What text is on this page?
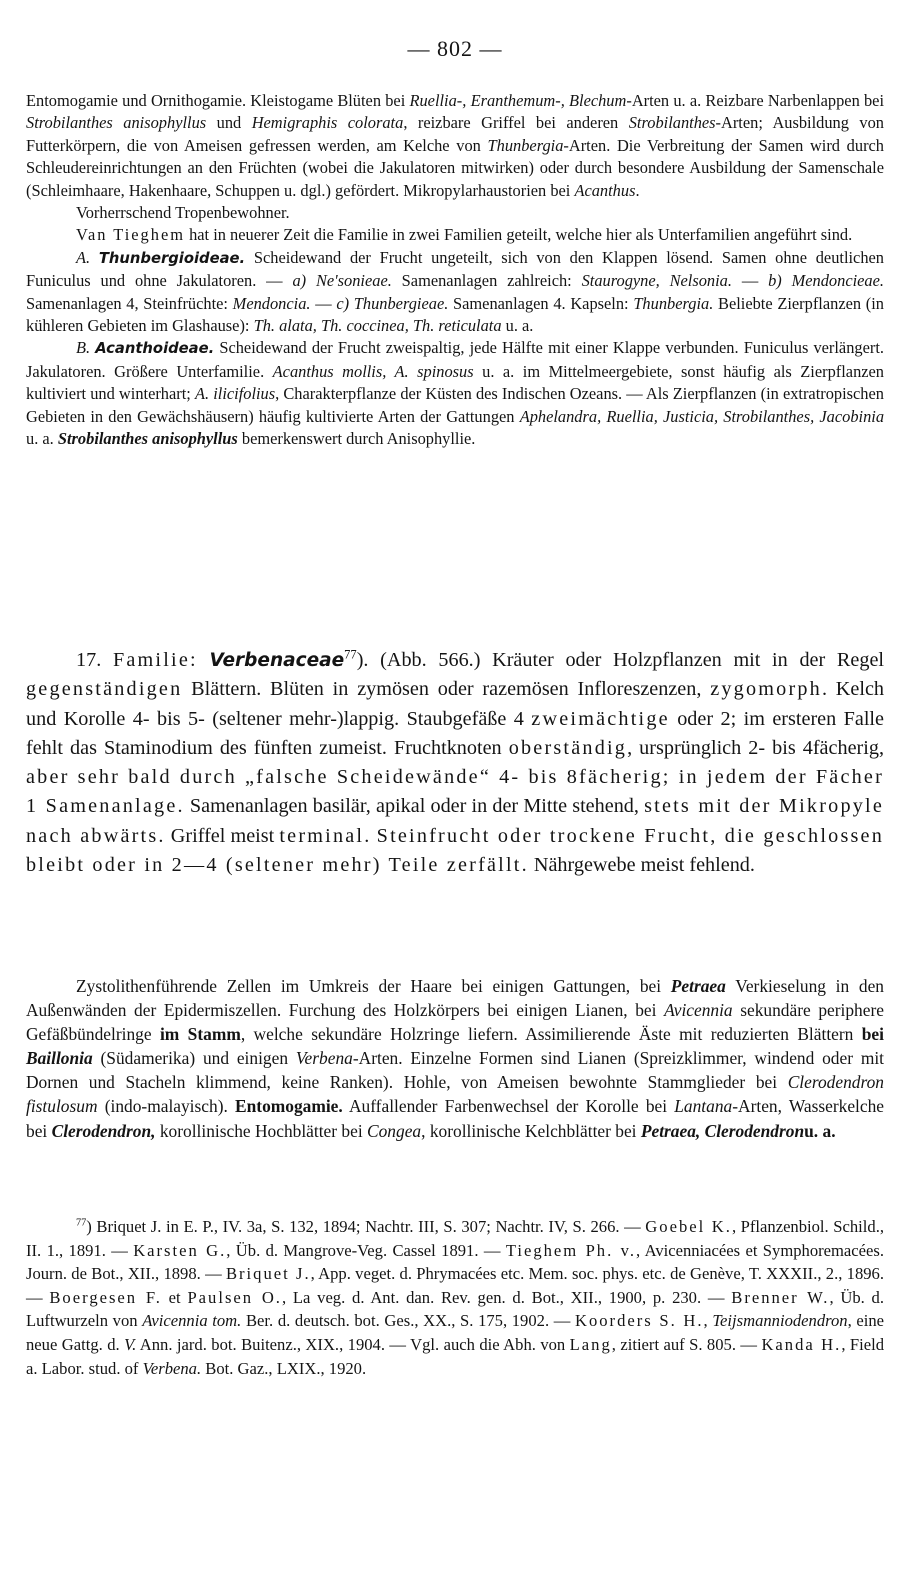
— 802 —

Entomogamie und Ornithogamie. Kleistogame Blüten bei Ruellia-, Eranthemum-, Blechum-Arten u. a. Reizbare Narbenlappen bei Strobilanthes anisophyllus und Hemigraphis colorata, reizbare Griffel bei anderen Strobilanthes-Arten; Ausbildung von Futterkörpern, die von Ameisen gefressen werden, am Kelche von Thunbergia-Arten. Die Verbreitung der Samen wird durch Schleudereinrichtungen an den Früchten (wobei die Jakulatoren mitwirken) oder durch besondere Ausbildung der Samenschale (Schleimhaare, Hakenhaare, Schuppen u. dgl.) gefördert. Mikropylarhaustorien bei Acanthus.

Vorherrschend Tropenbewohner.

Van Tieghem hat in neuerer Zeit die Familie in zwei Familien geteilt, welche hier als Unterfamilien angeführt sind.

A. Thunbergioideae. Scheidewand der Frucht ungeteilt, sich von den Klappen lösend. Samen ohne deutlichen Funiculus und ohne Jakulatoren. — a) Ne'sonieae. Samenanlagen zahlreich: Staurogyne, Nelsonia. — b) Mendoncieae. Samenanlagen 4, Steinfrüchte: Mendoncia. — c) Thunbergieae. Samenanlagen 4. Kapseln: Thunbergia. Beliebte Zierpflanzen (in kühleren Gebieten im Glashause): Th. alata, Th. coccinea, Th. reticulata u. a.

B. Acanthoideae. Scheidewand der Frucht zweispaltig, jede Hälfte mit einer Klappe verbunden. Funiculus verlängert. Jakulatoren. Größere Unterfamilie. Acanthus mollis, A. spinosus u. a. im Mittelmeergebiete, sonst häufig als Zierpflanzen kultiviert und winterhart; A. ilicifolius, Charakterpflanze der Küsten des Indischen Ozeans. — Als Zierpflanzen (in extratropischen Gebieten in den Gewächshäusern) häufig kultivierte Arten der Gattungen Aphelandra, Ruellia, Justicia, Strobilanthes, Jacobinia u. a. Strobilanthes anisophyllus bemerkenswert durch Anisophyllie.

17. Familie: Verbenaceae$^{77}$). (Abb. 566.) Kräuter oder Holzpflanzen mit in der Regel gegenständigen Blättern. Blüten in zymösen oder razemösen Infloreszenzen, zygomorph. Kelch und Korolle 4- bis 5- (seltener mehr-)lappig. Staubgefäße 4 zweimächtige oder 2; im ersteren Falle fehlt das Staminodium des fünften zumeist. Fruchtknoten oberständig, ursprünglich 2- bis 4fächerig, aber sehr bald durch „falsche Scheidewände“ 4- bis 8fächerig; in jedem der Fächer 1 Samenanlage. Samenanlagen basilär, apikal oder in der Mitte stehend, stets mit der Mikropyle nach abwärts. Griffel meist terminal. Steinfrucht oder trockene Frucht, die geschlossen bleibt oder in 2—4 (seltener mehr) Teile zerfällt. Nährgewebe meist fehlend.

Zystolithenführende Zellen im Umkreis der Haare bei einigen Gattungen, bei Petraea Verkieselung in den Außenwänden der Epidermiszellen. Furchung des Holzkörpers bei einigen Lianen, bei Avicennia sekundäre periphere Gefäßbündelringe im Stamm, welche sekundäre Holzringe liefern. Assimilierende Äste mit reduzierten Blättern bei Baillonia (Südamerika) und einigen Verbena-Arten. Einzelne Formen sind Lianen (Spreizklimmer, windend oder mit Dornen und Stacheln klimmend, keine Ranken). Hohle, von Ameisen bewohnte Stammglieder bei Clerodendron fistulosum (indo-malayisch). Entomogamie. Auffallender Farbenwechsel der Korolle bei Lantana-Arten, Wasserkelche bei Clerodendron, korollinische Hochblätter bei Congea, korollinische Kelchblätter bei Petraea, Clerodendronu. a.

$^{77}$) Briquet J. in E. P., IV. 3a, S. 132, 1894; Nachtr. III, S. 307; Nachtr. IV, S. 266. — Goebel K., Pflanzenbiol. Schild., II. 1., 1891. — Karsten G., Üb. d. Mangrove-Veg. Cassel 1891. — Tieghem Ph. v., Avicenniacées et Symphoremacées. Journ. de Bot., XII., 1898. — Briquet J., App. veget. d. Phrymacées etc. Mem. soc. phys. etc. de Genève, T. XXXII., 2., 1896. — Boergesen F. et Paulsen O., La veg. d. Ant. dan. Rev. gen. d. Bot., XII., 1900, p. 230. — Brenner W., Üb. d. Luftwurzeln von Avicennia tom. Ber. d. deutsch. bot. Ges., XX., S. 175, 1902. — Koorders S. H., Teijsmanniodendron, eine neue Gattg. d. V. Ann. jard. bot. Buitenz., XIX., 1904. — Vgl. auch die Abh. von Lang, zitiert auf S. 805. — Kanda H., Field a. Labor. stud. of Verbena. Bot. Gaz., LXIX., 1920.
